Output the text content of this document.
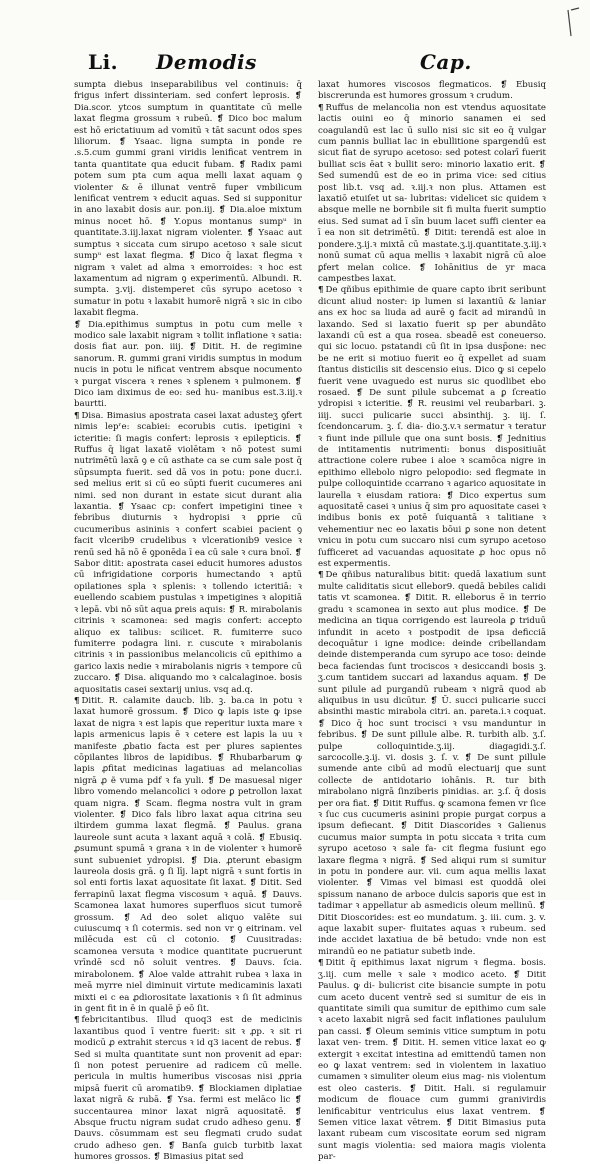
Li. Demodis	Cap.

sumpta diebus inseparabilibus vel continuis: q̄ frigus infert dissinteriam. sed confert leprosis. ❡ Dia.scor. ytcos sumptum in quantitate cū melle laxat flegma grossum ꝛ rubeū. ❡ Dico boc malum est hō erictatiuum ad vomitū ꝛ tāt sacunt odos spes liliorum. ❡ Ysaac. ligna sumpta in ponde re .s.5.cum gummi grani viridis lenificat ventrem in tanta quantitate qua educit fubam. ❡ Radix pami potem sum pta cum aqua melli laxat aquam ꝯ violenter & ē illunat ventrē fuper vmbilicum lenificat ventrem ꝛ educit aquas. Sed si supponitur in ano laxabit dosis aur. pon.iij. ❡ Dia.aloe mixtum minus nocet hō. ❡ Y.opus montanus sumpᵘ in quantitate.3.iij.laxat nigram violenter. ❡ Ysaac aut sumptus ꝛ siccata cum sirupo acetoso ꝛ sale sicut sumpᵘ est laxat flegma. ❡ Dico q̄ laxat flegma ꝛ nigram ꝛ valet ad alma ꝛ emorroides: ꝛ hoc est laxamentum ad nigram ꝯ experimentū. Albundi. R. sumpta. ꝫ.vij. distemperet cūs syrupo acetoso ꝛ sumatur in potu ꝛ laxabit humorē nigrā ꝛ sic in cibo laxabit flegma.

❡ Dia.epithimus sumptus in potu cum melle ꝛ modico sale laxabit nigram ꝛ tollit inflatione ꝛ satia: dosis fiat aur. pon. iiij. ❡ Ditit. H. de regimine sanorum. R. gummi grani viridis sumptus in modum nucis in potu le nificat ventrem absque nocumento ꝛ purgat viscera ꝛ renes ꝛ splenem ꝛ pulmonem. ❡ Dico iam diximus de eo: sed hu- manibus est.3.iij.ꝛ baurtti.

¶ Disa. Bimasius apostrata casei laxat adusteʒ ꝯfert nimis lepʳe: scabiei: ecorubis cutis. ipetigini ꝛ icteritie: ſi magis confert: leprosis ꝛ epilepticis. ❡ Ruffus q̄ ligat laxatē violētam ꝛ nō potest sumi nutrimētū laxā ꝯ e cū asthate ca se cum sale post q̄ sūpsumpta fuerit. sed dā vos in potu: pone ducr.i. sed melius erit si cū eo sūpti fuerit cucumeres ani nimi. sed non durant in estate sicut durant alia laxantia. ❡ Ysaac cp: confert impetigini tinee ꝛ febribus diuturnis ꝛ hydropisi ꝛ ꝑprie cū cucumeribus asininis ꝛ confert scabiei pacient ꝯ facit vlcerib9 crudelibus ꝛ vlcerationib9 vesice ꝛ renū sed hā nō ē ꝯponēda ī ea cū sale ꝛ cura bnoī. ❡ Sabor ditit: apostrata casei educit humores adustos cū infrigidatione corporis humectando ꝛ aptū opilationes spla ꝛ splenis: ꝛ tollendo icteritiā: ꝛ euellendo scabiem pustulas ꝛ impetigines ꝛ alopitiā ꝛ lepā. vbi nō sūt aqua ꝑreis aquis: ❡ R. mirabolanis citrinis ꝛ scamonea: sed magis confert: accepto aliquo ex talibus: scilicet. R. fumiterre suco fumiterre podagra lini. r. cuscute ꝛ mirabolanis citrinis ꝛ in passionibus melancolicis cū epithimo a garico laxis nedie ꝛ mirabolanis nigris ꝛ tempore cū zuccaro. ❡ Disa. aliquando mo ꝛ calcalaginoe. bosis aquositatis casei sextarij unius. vsq ad.q.

¶ Ditit. R. calamite daucb. lib. ꝫ. ba.ca in potu ꝛ laxat humorē grossum. ❡ Dico ꝙ lapis iste ꝙ ipse laxat de nigra ꝛ est lapis que reperitur iuxta mare ꝛ lapis armenicus lapis ē ꝛ cetere est lapis la uu ꝛ manifeste ꝓbatio facta est per plures sapientes cōpilantes libros de lapidibus. ❡ Rhubarbarum ꝙ lapis ꝓfitat medicinas lagatiuas ad melancolias nigrā ꝓ ẽ vuma pdf ꝛ fa yuli. ❡ De masuesal niger libro vomendo melancolici ꝛ odore ꝑ petrollon laxat quam nigra. ❡ Scam. flegma nostra vult in gram violenter. ❡ Dico fals libro laxat aqua citrina seu iltirdem gumma laxat flegmā. ❡ Paulus. grana laureole sunt acuta ꝛ laxant aquā ꝛ colā. ❡ Ebusiq. ꝓsumunt spumā ꝛ grana ꝛ in de violenter ꝛ humorē sunt subueniet ydropisi. ❡ Dia. ꝓterunt ebasigm laureola dosis grā. ꝯ ſi līj. lapt nigrā ꝛ sunt fortis in sol enti fortis laxat aquositate ſit laxat. ❡ Ditit. Sed ferrapinū laxat flegma viscosum ꝛ aquā. ❡ Dauvs. Scamonea laxat humores superfluos sicut tumorē grossum. ❡ Ad deo solet aliquo valēte sui cuiuscumq ꝛ ſi cotermis. sed non vr ꝯ eitrinam. vel milēcuda est cū cl cotonio. ❡ Cuusitradas: scamonea versuta ꝛ modice quantitate pucruerunt vrīndē scd nō soluit ventres. ❡ Dauvs. ſcia. mirabolonem. ❡ Aloe valde attrahit rubea ꝛ laxa in meā myrre niel diminuit virtute medicaminis laxati mixti ei c ea ꝓdiorositate laxationis ꝛ ſi ſit adminus in gent fit in ē in qualē p̄ eō ſit.

¶ febricitantibus. Illud quoq3 est de medicinis laxantibus quod ī ventre fuerit: sit ꝛ ꝓp. ꝛ sit ri modicū ꝓ extrahit stercus ꝛ id q3 iacent de rebus. ❡ Sed si multa quantitate sunt non provenit ad epar: ſi non potest peruenire ad radicem cū melle. pericula in multis humeribus viscosas nisi ꝓpria mipsā fuerit cū aromatib9. ❡ Blockiamen diplatiae laxat nigrā & rubā. ❡ Ysa. fermi est melāco lic ❡ succentaurea minor laxat nigrā aquositatē. ❡ Absque fructu nigram sudat crudo adheso genu. ❡ Dauvs. cōsummam est seu flegmati crudo sudat crudo adheso gen. ❡ Banſa guicb turbitb laxat humores grossos. ❡ Bimasius pitat sed

laxat humores viscosos flegmaticos. ❡ Ebusiq biscrerunda est humores grossum ꝛ crudum.

¶ Ruffus de melancolia non est vtendus aquositate lactis ouini eo q̄ minorio sanamen ei sed coagulandū est lac ū sullo nisi sic sit eo q̄ vulgar cum pannis bulliat lac in ebullitione spargendū est sicut fiat de syrupo acetoso: sed potest colarī fuerit bulliat scis ēat ꝛ bullit sero: minorio laxatio erit. ❡ Sed sumendū est de eo in prima vice: sed citius post lib.t. vsq ad. ꝛ.iij.ꝛ non plus. Attamen est laxatiō etuiſet ut sa- lubritas: videlicet sic quidem ꝛ absque melle ne bornbile sit fi multa fuerit sumptio eius. Sed sumat ad ī sīn buum lacet suffi cienter ea ī ea non sit detrimētū. ❡ Ditit: terendā est aloe in pondere.ʒ.ij.ꝛ mixtā cū mastate.ʒ.ij.quantitate.ʒ.iij.ꝛ nonū sumat cū aqua mellis ꝛ laxabit nigrā cū aloe ꝑfert melan colice. ❡ Iohānitius de yr maca campestbes laxat.

¶ De qñibus epithimie de quare capto ibrit seribunt dicunt aliud noster: ip lumen si laxantiū & laniar ans ex hoc sa liuda ad aurē ꝯ facit ad mirandū in laxando. Sed si laxatio fuerit sp per abundāto laxandi cū est a qua rosea. sbeadē est coneuerso. qui sic locuo. pstatandi cū ſit in ipsa dusp̄one: nec be ne erit si motiuo fuerit eo q̄ expellet ad suam ſtantus disticilis sit descensio eius. Dico ꝙ si cepelo fuerit vene uvaguedo est nurus sic quodlibet ebo rosaed. ❡ De sunt pilule subcemat a ꝑ ſcreatio ydropisi ꝛ icteritie. ❡ R. reusimi vel reubarbari. ꝫ. iiij. succi pulicarie succi absinthij. ꝫ. iij. ſ. ſcendoncarum. ꝫ. ſ. dia- dio.ʒ.v.ꝛ sermatur ꝛ teratur ꝛ fiunt inde pillule que ona sunt bosis. ❡ Jednitius de intitamentis nutrimenti: bonus dispositiuāt attractione colere rubee i aloe ꝛ scamōca nigre in epithimo ellebolo nigro pelopodio: sed flegmate in pulpe colloquintide ccarrano ꝛ agarico aquositate in laurella ꝛ eiusdam ratiora: ❡ Dico expertus sum aquositatē casei ꝛ unius q̄ sim pro aquositate casei ꝛ indibus bonis ex potē ſuiquantā ꝛ talitiane ꝛ vehementiur nec eo laxatis bōui ꝑ sone non detent vnicu in potu cum succaro nisi cum syrupo acetoso ſufficeret ad vacuandas aquositate ꝓ hoc opus nō est expermentis.

¶ De qñibus naturalibus bitit: quedā laxatium sunt multe caliditatis sicut ellebor9. quedā bebiles calidi tatis vt scamonea. ❡ Ditit. R. elleborus ē in terrio gradu ꝛ scamonea in sexto aut plus modice. ❡ De medicina an tiqua corrigendo est laureola ꝑ triduū infundit in aceto ꝛ postpodit de ipsa deficciā decoquātur i igne modice: deinde cribellandam deinde distemperanda cum syrupo ace toso: deinde beca faciendas ſunt trociscos ꝛ desiccandi bosis ꝫ. ʒ.cum tantidem succari ad laxandus aquam. ❡ De sunt pilule ad purgandū rubeam ꝛ nigrā quod ab aliquibus in usu dicūtur. ❡ Ŭ. succi pulicarie succi absinthi mastic mirabola citri. an. pareta.i.ꝛ coquat. ❡ Dico q̄ hoc sunt trocisci ꝛ vsu manduntur in febribus. ❡ De sunt pillule albe. R. turbith alb. ʒ.ſ. pulpe colloquintide.ʒ.iij. diagagidi.ʒ.ſ. sarcocolle.ꝫ.ij. vi. dosis ꝫ. ſ. v. ❡ De sunt pillule sumende ante cibū ad modū electuarij que sunt collecte de antidotario iohānis. R. tur bith mirabolano nigrā ſinziberis pinidias. ar. ꝫ.ſ. q̄ dosis per ora fiat. ❡ Ditit Ruffus. ꝙ scamona femen vr ſice ꝛ ſuc cus cucumeris asinini propie purgat corpus a ipsum defiecant. ❡ Ditit Diascorides ꝛ Galienus cucumus maior sumpta in potu siccata ꝛ trita cum syrupo acetoso ꝛ sale fa- cit flegma fusiunt ego laxare flegma ꝛ nigrā. ❡ Sed aliqui rum si sumitur in potu in pondere aur. vii. cum aqua mellis laxat violenter. ❡ Vimas vel bimasi est quoddā olei spissum nanano de arboce dulcis saporis que est in tadimar ꝛ appellatur ab asmedicis oleum mellinū. ❡ Ditit Dioscorides: est eo mundatum. ꝫ. iii. cum. ꝫ. v. aque laxabit super- fluitates aquas ꝛ rubeum. sed inde accidet laxatiua de bē betudo: vnde non est mirandū eo ne patiatur subetb inde.

¶ Ditit q̄ epithimus laxat nigrum ꝛ flegma. bosis. ʒ.iij. cum melle ꝛ sale ꝛ modico aceto. ❡ Ditit Paulus. ꝙ di- bulicrist cite bisancie sumpte in potu cum aceto ducent ventrē sed si sumitur de eis in quantitate simili qua sumitur de epithimo cum sale ꝛ aceto laxabit nigrā sed facit inflationes paululum pan cassi. ❡ Oleum seminis vitice sumptum in potu laxat ven- trem. ❡ Ditit. H. semen vitice laxat eo ꝙ extergit ꝛ excitat intestina ad emittendū tamen non eo ꝙ laxat ventrem: sed in violentem in laxatiuo cumamen ꝛ simuliter oleum eius mag- nis violentum est oleo casteris. ❡ Ditit. Hali. si regulamuir modicum de flouace cum gummi granivirdis lenificabitur ventriculus eius laxat ventrem. ❡ Semen vitice laxat vētrem. ❡ Ditit Bimasius puta laxant rubeam cum viscositate eorum sed nigram sunt magis violentia: sed maiora magis violenta par-
